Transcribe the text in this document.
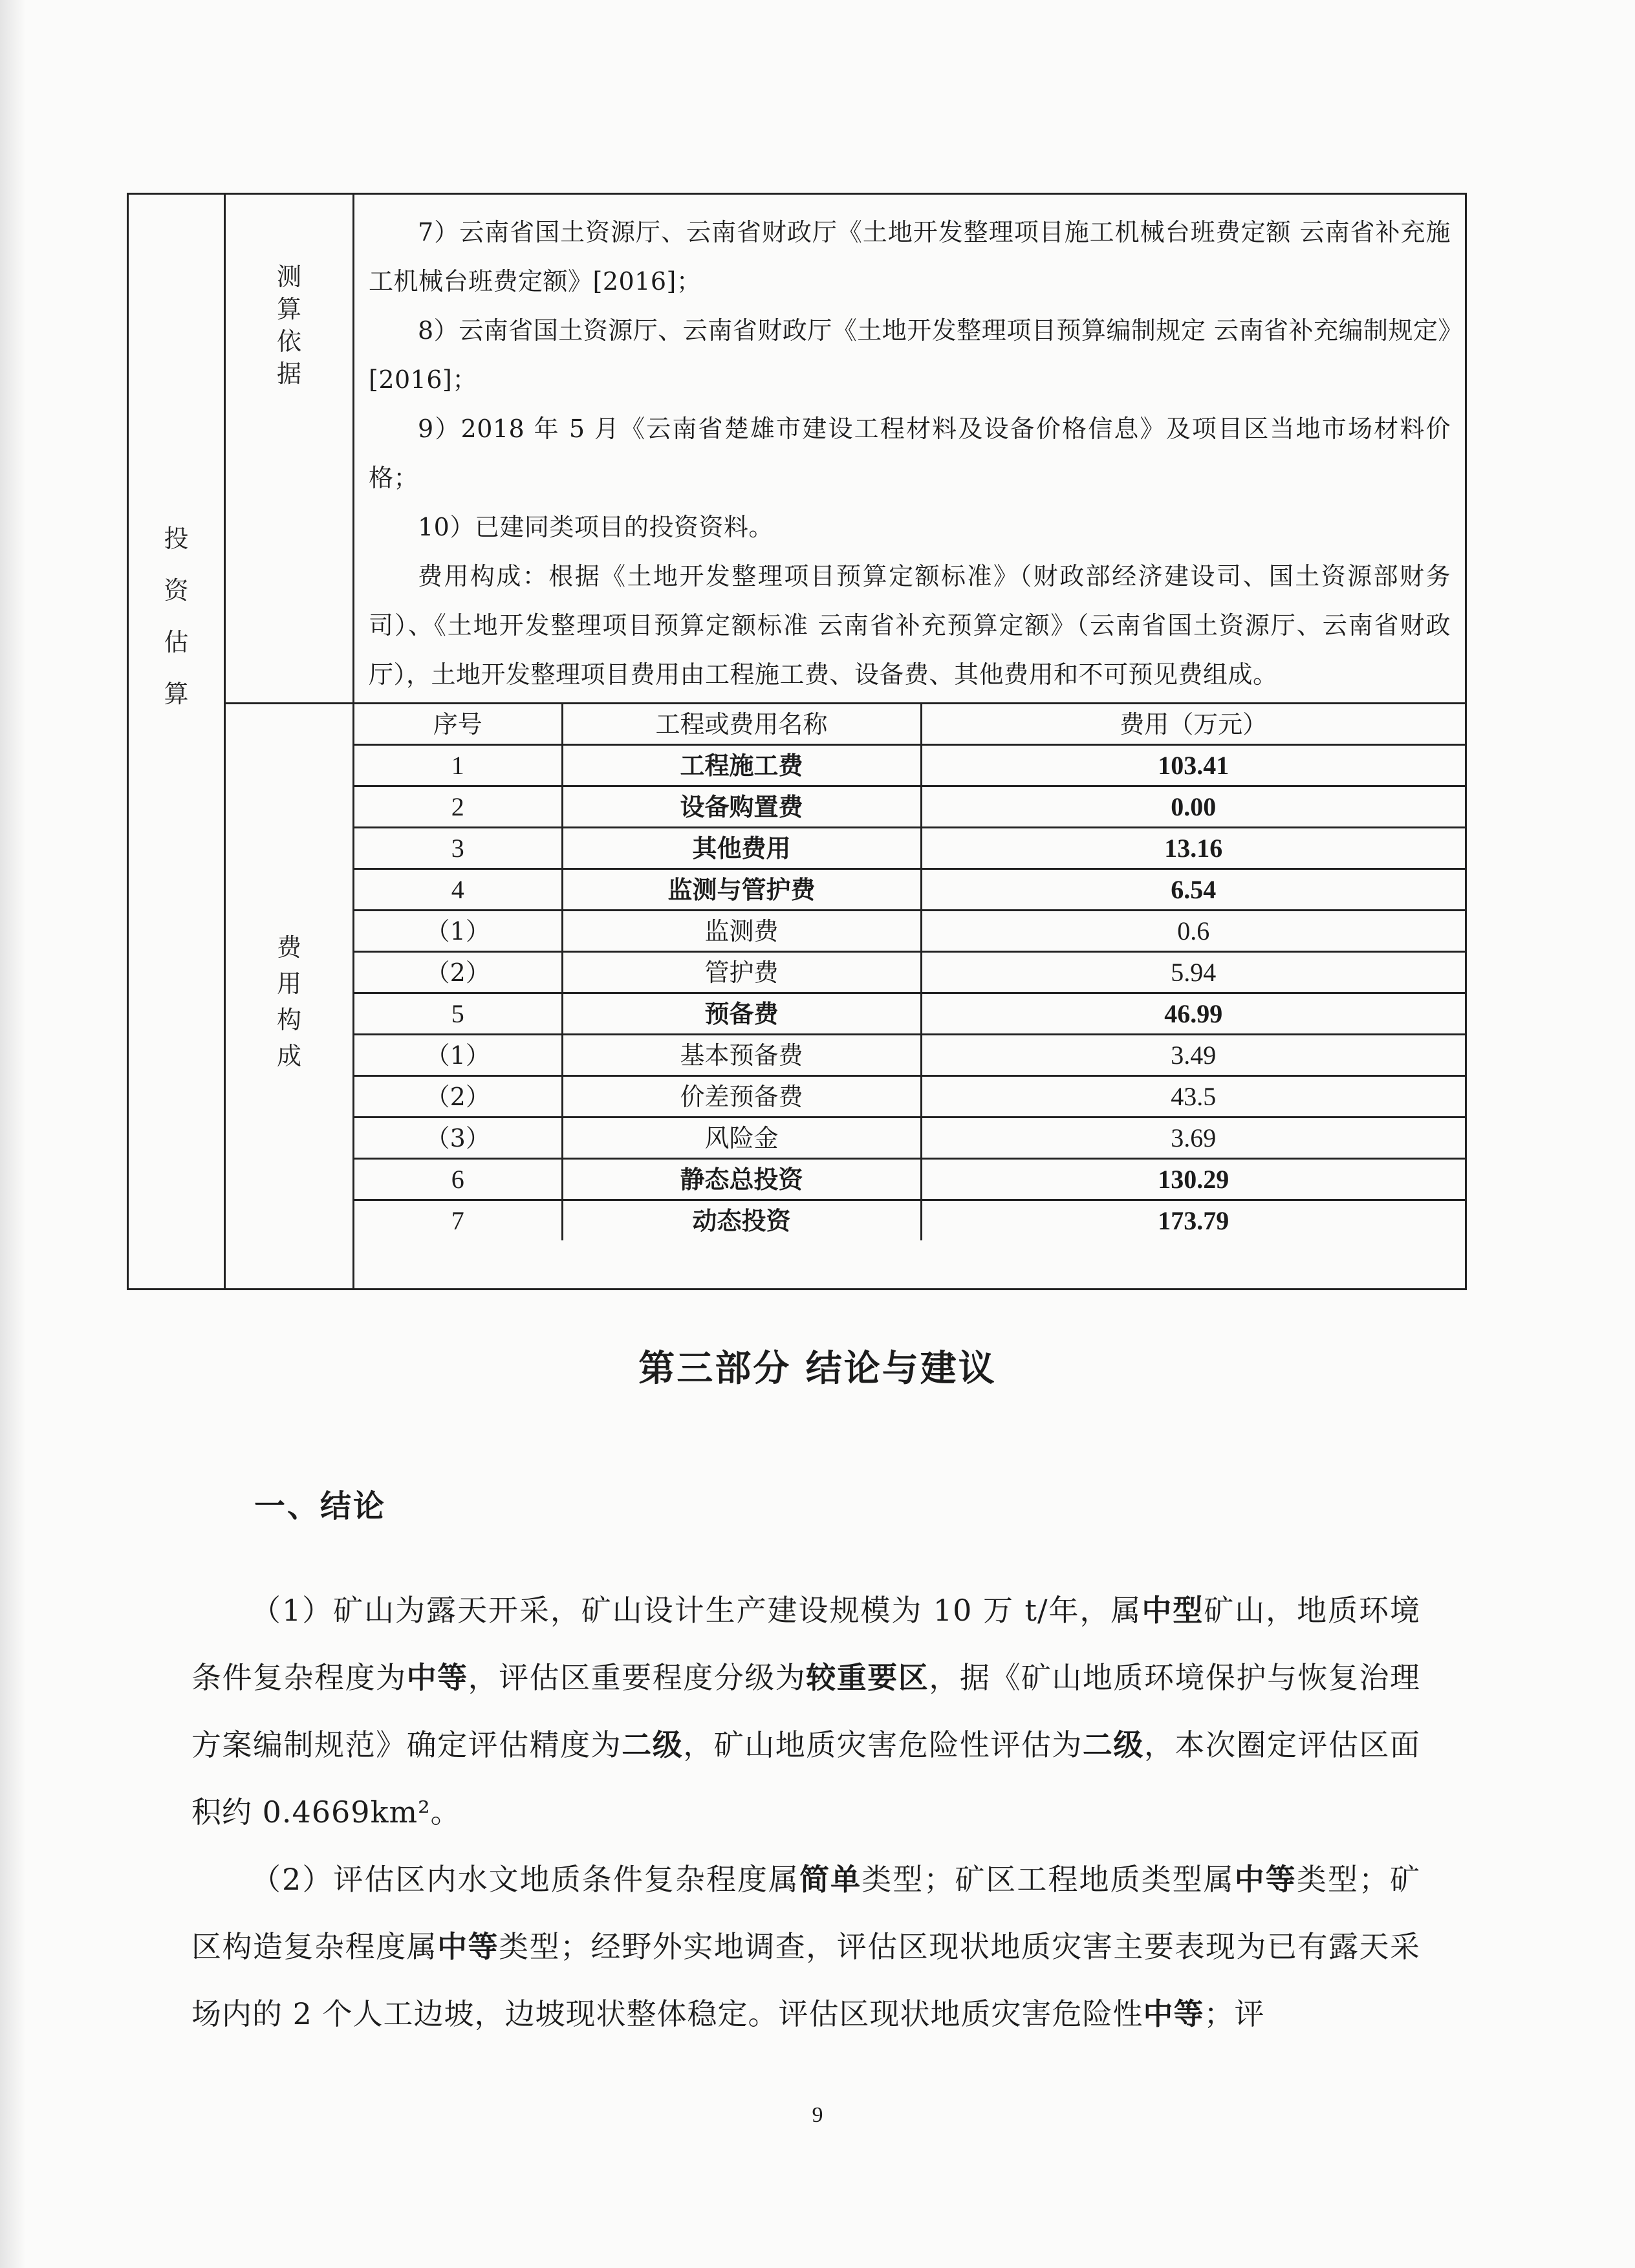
投
资
估
算
测
算
依
据
费
用
构
成

7）云南省国土资源厅、云南省财政厅《土地开发整理项目施工机械台班费定额 云南省补充施工机械台班费定额》[2016]；

8）云南省国土资源厅、云南省财政厅《土地开发整理项目预算编制规定 云南省补充编制规定》[2016]；

9）2018 年 5 月《云南省楚雄市建设工程材料及设备价格信息》及项目区当地市场材料价格；

10）已建同类项目的投资资料。

费用构成：根据《土地开发整理项目预算定额标准》（财政部经济建设司、国土资源部财务司）、《土地开发整理项目预算定额标准 云南省补充预算定额》（云南省国土资源厅、云南省财政厅），土地开发整理项目费用由工程施工费、设备费、其他费用和不可预见费组成。

序号	工程或费用名称	费用（万元）
1	工程施工费	103.41
2	设备购置费	0.00
3	其他费用	13.16
4	监测与管护费	6.54
（1）	监测费	0.6
（2）	管护费	5.94
5	预备费	46.99
（1）	基本预备费	3.49
（2）	价差预备费	43.5
（3）	风险金	3.69
6	静态总投资	130.29
7	动态投资	173.79
第三部分 结论与建议
一、结论

（1）矿山为露天开采，矿山设计生产建设规模为 10 万 t/年，属中型矿山，地质环境条件复杂程度为中等，评估区重要程度分级为较重要区，据《矿山地质环境保护与恢复治理方案编制规范》确定评估精度为二级，矿山地质灾害危险性评估为二级，本次圈定评估区面积约 0.4669km²。

（2）评估区内水文地质条件复杂程度属简单类型；矿区工程地质类型属中等类型；矿区构造复杂程度属中等类型；经野外实地调查，评估区现状地质灾害主要表现为已有露天采场内的 2 个人工边坡，边坡现状整体稳定。评估区现状地质灾害危险性中等；评

9
